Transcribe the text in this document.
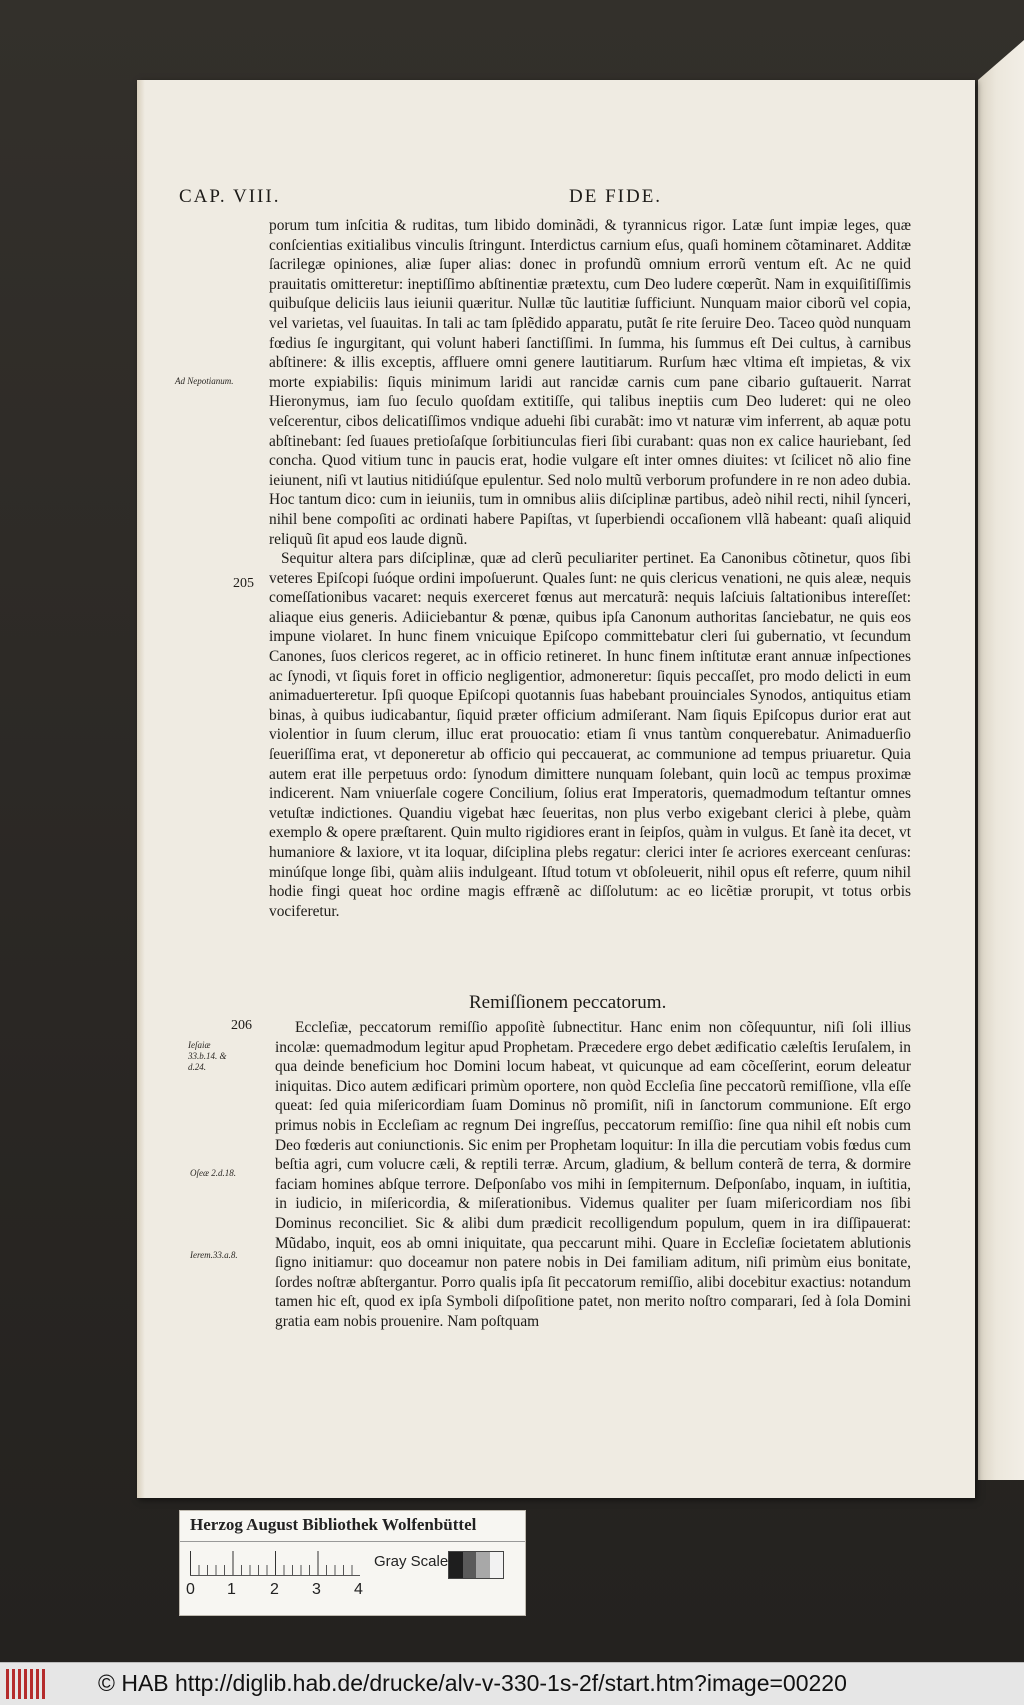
CAP. VIII.	DE FIDE.

porum tum inſcitia & ruditas, tum libido dominãdi, & tyrannicus rigor. Latæ ſunt impiæ leges, quæ conſcientias exitialibus vinculis ſtringunt. Interdictus carnium eſus, quaſi hominem cõtaminaret. Additæ ſacrilegæ opiniones, aliæ ſuper alias: donec in profundũ omnium errorũ ventum eſt. Ac ne quid prauitatis omitteretur: ineptiſſimo abſtinentiæ prætextu, cum Deo ludere cœperũt. Nam in exquiſitiſſimis quibuſque deliciis laus ieiunii quæritur. Nullæ tũc lautitiæ ſufficiunt. Nunquam maior ciborũ vel copia, vel varietas, vel ſuauitas. In tali ac tam ſplẽdido apparatu, putãt ſe rite ſeruire Deo. Taceo quòd nunquam fœdius ſe ingurgitant, qui volunt haberi ſanctiſſimi. In ſumma, his ſummus eſt Dei cultus, à carnibus abſtinere: & illis exceptis, affluere omni genere lautitiarum. Rurſum hæc vltima eſt impietas, & vix morte expiabilis: ſiquis minimum laridi aut rancidæ carnis cum pane cibario guſtauerit. Narrat Hieronymus, iam ſuo ſeculo quoſdam extitiſſe, qui talibus ineptiis cum Deo luderet: qui ne oleo veſcerentur, cibos delicatiſſimos vndique aduehi ſibi curabãt: imo vt naturæ vim inferrent, ab aquæ potu abſtinebant: ſed ſuaues pretioſaſque ſorbitiunculas fieri ſibi curabant: quas non ex calice hauriebant, ſed concha. Quod vitium tunc in paucis erat, hodie vulgare eſt inter omnes diuites: vt ſcilicet nõ alio fine ieiunent, niſi vt lautius nitidiúſque epulentur. Sed nolo multũ verborum profundere in re non adeo dubia. Hoc tantum dico: cum in ieiuniis, tum in omnibus aliis diſciplinæ partibus, adeò nihil recti, nihil ſynceri, nihil bene compoſiti ac ordinati habere Papiſtas, vt ſuperbiendi occaſionem vllã habeant: quaſi aliquid reliquũ ſit apud eos laude dignũ.

Sequitur altera pars diſciplinæ, quæ ad clerũ peculiariter pertinet. Ea Canonibus cõtinetur, quos ſibi veteres Epiſcopi ſuóque ordini impoſuerunt. Quales ſunt: ne quis clericus venationi, ne quis aleæ, nequis comeſſationibus vacaret: nequis exerceret fœnus aut mercaturã: nequis laſciuis ſaltationibus intereſſet: aliaque eius generis. Adiiciebantur & pœnæ, quibus ipſa Canonum authoritas ſanciebatur, ne quis eos impune violaret. In hunc finem vnicuique Epiſcopo committebatur cleri ſui gubernatio, vt ſecundum Canones, ſuos clericos regeret, ac in officio retineret. In hunc finem inſtitutæ erant annuæ inſpectiones ac ſynodi, vt ſiquis foret in officio negligentior, admoneretur: ſiquis peccaſſet, pro modo delicti in eum animaduerteretur. Ipſi quoque Epiſcopi quotannis ſuas habebant prouinciales Synodos, antiquitus etiam binas, à quibus iudicabantur, ſiquid præter officium admiſerant. Nam ſiquis Epiſcopus durior erat aut violentior in ſuum clerum, illuc erat prouocatio: etiam ſi vnus tantùm conquerebatur. Animaduerſio ſeueriſſima erat, vt deponeretur ab officio qui peccauerat, ac communione ad tempus priuaretur. Quia autem erat ille perpetuus ordo: ſynodum dimittere nunquam ſolebant, quin locũ ac tempus proximæ indicerent. Nam vniuerſale cogere Concilium, ſolius erat Imperatoris, quemadmodum teſtantur omnes vetuſtæ indictiones. Quandiu vigebat hæc ſeueritas, non plus verbo exigebant clerici à plebe, quàm exemplo & opere præſtarent. Quin multo rigidiores erant in ſeipſos, quàm in vulgus. Et ſanè ita decet, vt humaniore & laxiore, vt ita loquar, diſciplina plebs regatur: clerici inter ſe acriores exerceant cenſuras: minúſque longe ſibi, quàm aliis indulgeant. Iſtud totum vt obſoleuerit, nihil opus eſt referre, quum nihil hodie fingi queat hoc ordine magis effrænẽ ac diſſolutum: ac eo licẽtiæ prorupit, vt totus orbis vociferetur.

Remiſſionem peccatorum.

Eccleſiæ, peccatorum remiſſio appoſitè ſubnectitur. Hanc enim non cõſequuntur, niſi ſoli illius incolæ: quemadmodum legitur apud Prophetam. Præcedere ergo debet ædificatio cæleſtis Ieruſalem, in qua deinde beneficium hoc Domini locum habeat, vt quicunque ad eam cõceſſerint, eorum deleatur iniquitas. Dico autem ædificari primùm oportere, non quòd Eccleſia ſine peccatorũ remiſſione, vlla eſſe queat: ſed quia miſericordiam ſuam Dominus nõ promiſit, niſi in ſanctorum communione. Eſt ergo primus nobis in Eccleſiam ac regnum Dei ingreſſus, peccatorum remiſſio: ſine qua nihil eſt nobis cum Deo fœderis aut coniunctionis. Sic enim per Prophetam loquitur: In illa die percutiam vobis fœdus cum beſtia agri, cum volucre cæli, & reptili terræ. Arcum, gladium, & bellum conterã de terra, & dormire faciam homines abſque terrore. Deſponſabo vos mihi in ſempiternum. Deſponſabo, inquam, in iuſtitia, in iudicio, in miſericordia, & miſerationibus. Videmus qualiter per ſuam miſericordiam nos ſibi Dominus reconciliet. Sic & alibi dum prædicit recolligendum populum, quem in ira diſſipauerat: Mũdabo, inquit, eos ab omni iniquitate, qua peccarunt mihi. Quare in Eccleſiæ ſocietatem ablutionis ſigno initiamur: quo doceamur non patere nobis in Dei familiam aditum, niſi primùm eius bonitate, ſordes noſtræ abſtergantur. Porro qualis ipſa ſit peccatorum remiſſio, alibi docebitur exactius: notandum tamen hic eſt, quod ex ipſa Symboli diſpoſitione patet, non merito noſtro comparari, ſed à ſola Domini gratia eam nobis prouenire. Nam poſtquam

Ad Nepotianum.
205
206
Ieſaiæ 33.b.14. & d.24.
Oſeæ 2.d.18.
Ierem.33.a.8.
Herzog August Bibliothek Wolfenbüttel
0 1 2 3 4
Gray Scale
© HAB http://diglib.hab.de/drucke/alv-v-330-1s-2f/start.htm?image=00220
